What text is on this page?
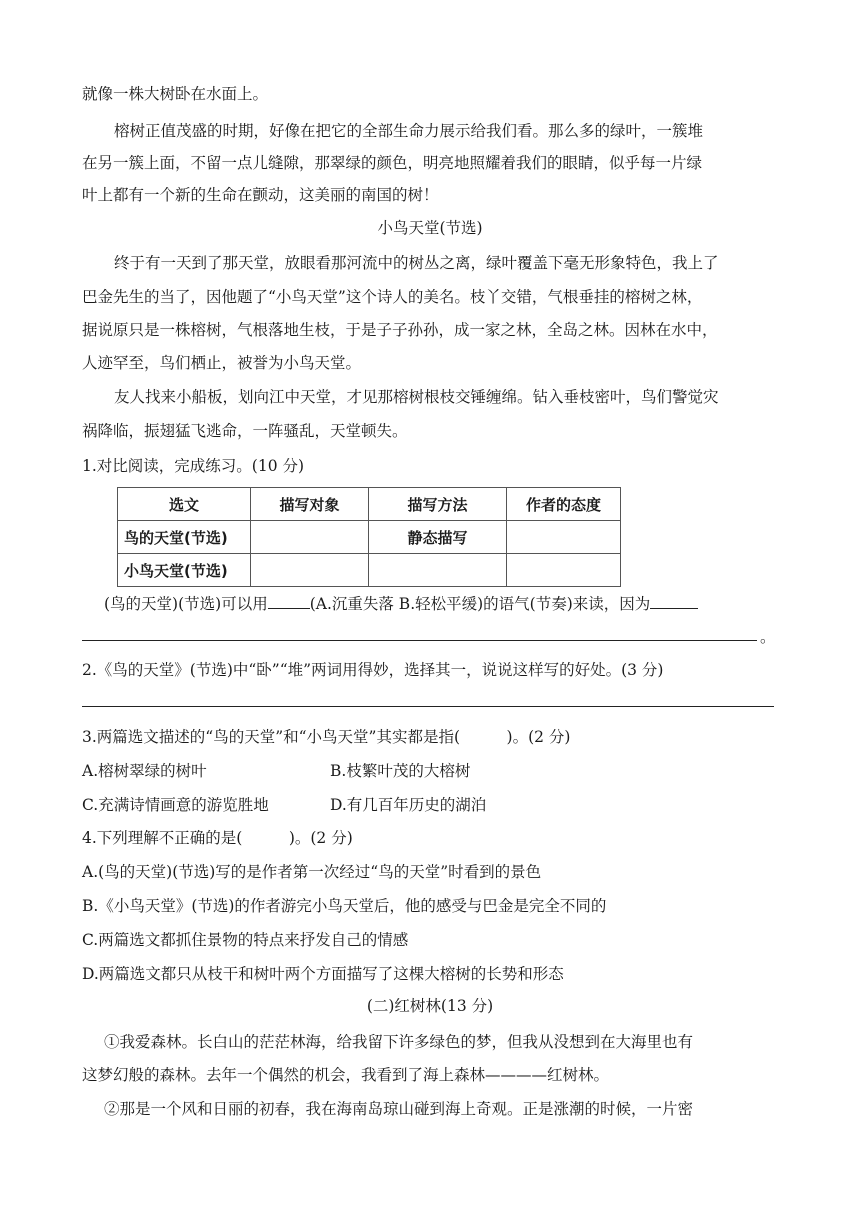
就像一株大树卧在水面上。
榕树正值茂盛的时期，好像在把它的全部生命力展示给我们看。那么多的绿叶，一簇堆
在另一簇上面，不留一点儿缝隙，那翠绿的颜色，明亮地照耀着我们的眼睛，似乎每一片绿
叶上都有一个新的生命在颤动，这美丽的南国的树！
小鸟天堂(节选)
终于有一天到了那天堂，放眼看那河流中的树丛之离，绿叶覆盖下毫无形象特色，我上了
巴金先生的当了，因他题了“小鸟天堂”这个诗人的美名。枝丫交错，气根垂挂的榕树之林，
据说原只是一株榕树，气根落地生枝，于是子子孙孙，成一家之林，全岛之林。因林在水中，
人迹罕至，鸟们栖止，被誉为小鸟天堂。
友人找来小船板，划向江中天堂，才见那榕树根枝交锤缠绵。钻入垂枝密叶，鸟们警觉灾
祸降临，振翅猛飞逃命，一阵骚乱，天堂顿失。
1.对比阅读，完成练习。(10 分)
选文	描写对象	描写方法	作者的态度
鸟的天堂(节选)		静态描写	
小鸟天堂(节选)			
(鸟的天堂)(节选)可以用	(A.沉重失落 B.轻松平缓)的语气(节奏)来读，因为
。
2.《鸟的天堂》(节选)中“卧”“堆”两词用得妙，选择其一，说说这样写的好处。(3 分)
3.两篇选文描述的“鸟的天堂”和“小鸟天堂”其实都是指(　　　)。(2 分)
A.榕树翠绿的树叶	B.枝繁叶茂的大榕树
C.充满诗情画意的游览胜地	D.有几百年历史的湖泊
4.下列理解不正确的是(　　　)。(2 分)
A.(鸟的天堂)(节选)写的是作者第一次经过“鸟的天堂”时看到的景色
B.《小鸟天堂》(节选)的作者游完小鸟天堂后，他的感受与巴金是完全不同的
C.两篇选文都抓住景物的特点来抒发自己的情感
D.两篇选文都只从枝干和树叶两个方面描写了这棵大榕树的长势和形态
(二)红树林(13 分)
①我爱森林。长白山的茫茫林海，给我留下许多绿色的梦，但我从没想到在大海里也有
这梦幻般的森林。去年一个偶然的机会，我看到了海上森林————红树林。
②那是一个风和日丽的初春，我在海南岛琼山碰到海上奇观。正是涨潮的时候，一片密
